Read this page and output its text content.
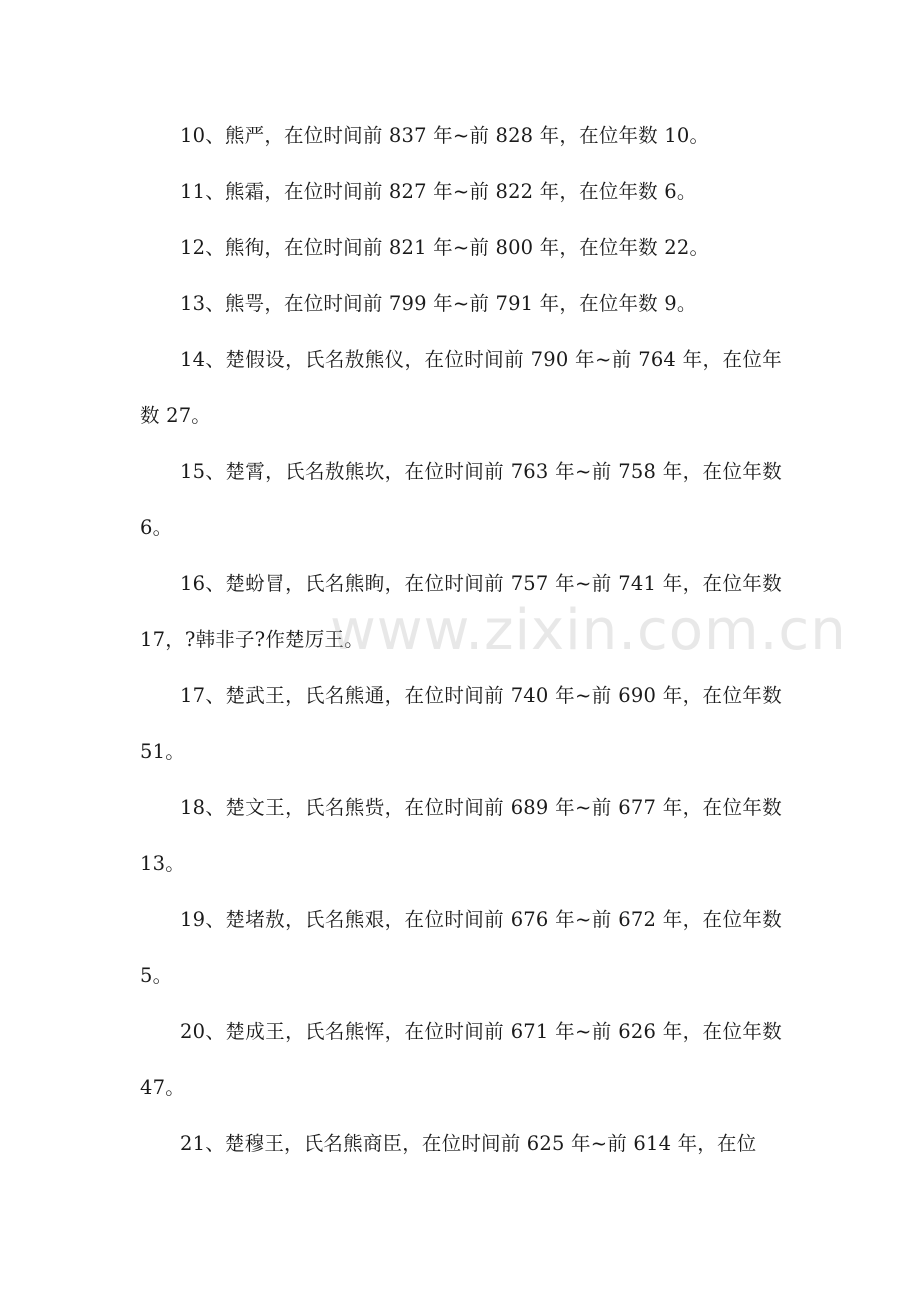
10、熊严，在位时间前 837 年~前 828 年，在位年数 10。

11、熊霜，在位时间前 827 年~前 822 年，在位年数 6。

12、熊徇，在位时间前 821 年~前 800 年，在位年数 22。

13、熊咢，在位时间前 799 年~前 791 年，在位年数 9。

14、楚假设，氏名敖熊仪，在位时间前 790 年~前 764 年，在位年数 27。

15、楚霄，氏名敖熊坎，在位时间前 763 年~前 758 年，在位年数 6。

16、楚蚡冒，氏名熊眴，在位时间前 757 年~前 741 年，在位年数 17，?韩非子?作楚厉王。

17、楚武王，氏名熊通，在位时间前 740 年~前 690 年，在位年数 51。

18、楚文王，氏名熊赀，在位时间前 689 年~前 677 年，在位年数 13。

19、楚堵敖，氏名熊艰，在位时间前 676 年~前 672 年，在位年数 5。

20、楚成王，氏名熊恽，在位时间前 671 年~前 626 年，在位年数 47。

21、楚穆王，氏名熊商臣，在位时间前 625 年~前 614 年，在位

www.zixin.com.cn
